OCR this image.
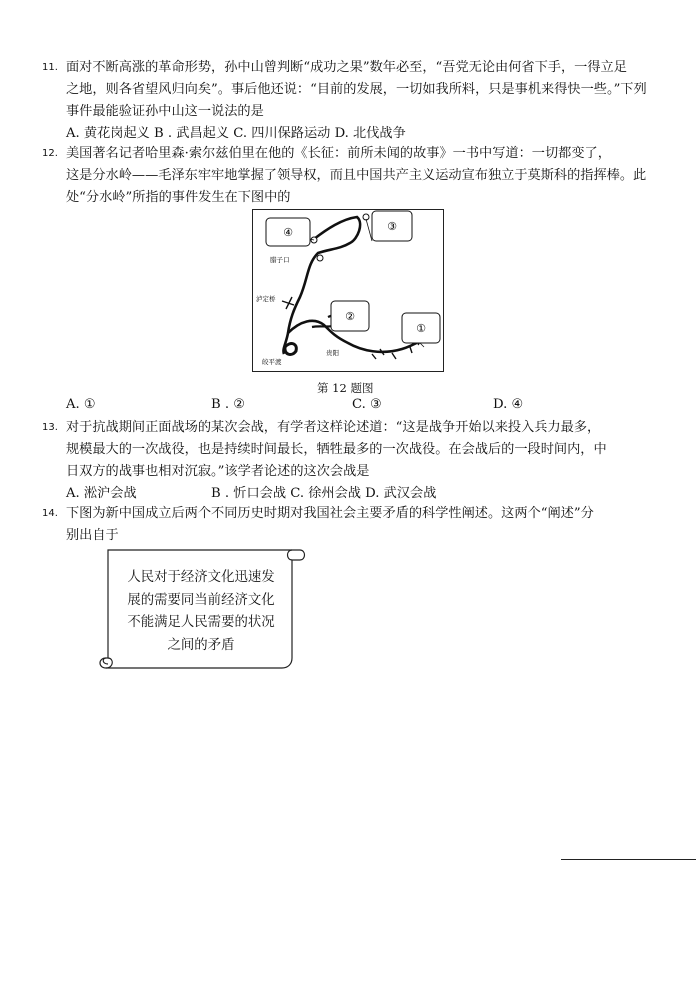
11. 面对不断高涨的革命形势，孙中山曾判断“成功之果”数年必至，“吾党无论由何省下手，一得立足
之地，则各省望风归向矣”。事后他还说：“目前的发展，一切如我所料，只是事机来得快一些。”下列
事件最能验证孙中山这一说法的是
A. 黄花岗起义 B . 武昌起义 C. 四川保路运动 D. 北伐战争
12. 美国著名记者哈里森·索尔兹伯里在他的《长征：前所未闻的故事》一书中写道：一切都变了，
这是分水岭——毛泽东牢牢地掌握了领导权，而且中国共产主义运动宣布独立于莫斯科的指挥棒。此
处“分水岭”所指的事件发生在下图中的
腊子口
泸定桥
皎平渡
贵阳
④	③
②
①
第 12 题图
A. ①	B . ②	C. ③	D. ④
13. 对于抗战期间正面战场的某次会战，有学者这样论述道：“这是战争开始以来投入兵力最多，
规模最大的一次战役，也是持续时间最长，牺牲最多的一次战役。在会战后的一段时间内，中
日双方的战事也相对沉寂。”该学者论述的这次会战是
A. 淞沪会战	B . 忻口会战 C. 徐州会战 D. 武汉会战
14. 下图为新中国成立后两个不同历史时期对我国社会主要矛盾的科学性阐述。这两个“阐述”分
别出自于
人民对于经济文化迅速发
展的需要同当前经济文化
不能满足人民需要的状况
之间的矛盾
